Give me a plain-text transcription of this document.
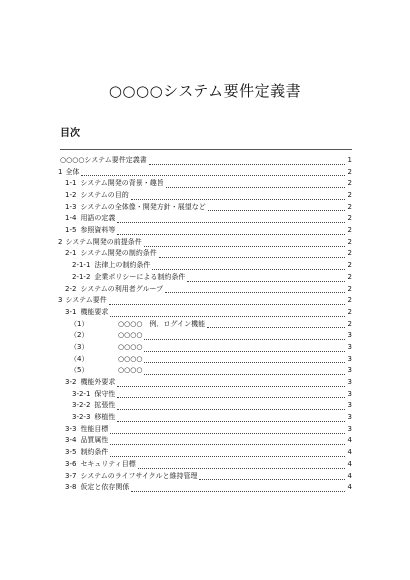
○○○○システム要件定義書
目次
○○○○システム要件定義書	1
1 全体	2
1-1 システム開発の背景・趣旨	2
1-2 システムの目的	2
1-3 システムの全体像・開発方針・展望など	2
1-4 用語の定義	2
1-5 参照資料等	2
2 システム開発の前提条件	2
2-1 システム開発の制約条件	2
2-1-1 法律上の制約条件	2
2-1-2 企業ポリシーによる制約条件	2
2-2 システムの利用者グループ	2
3 システム要件	2
3-1 機能要求	2
（1）	○○○○　例．ログイン機能	2
（2）	○○○○	3
（3）	○○○○	3
（4）	○○○○	3
（5）	○○○○	3
3-2 機能外要求	3
3-2-1 保守性	3
3-2-2 拡張性	3
3-2-3 移植性	3
3-3 性能目標	3
3-4 品質属性	4
3-5 制約条件	4
3-6 セキュリティ目標	4
3-7 システムのライフサイクルと維持管理	4
3-8 仮定と依存関係	4
